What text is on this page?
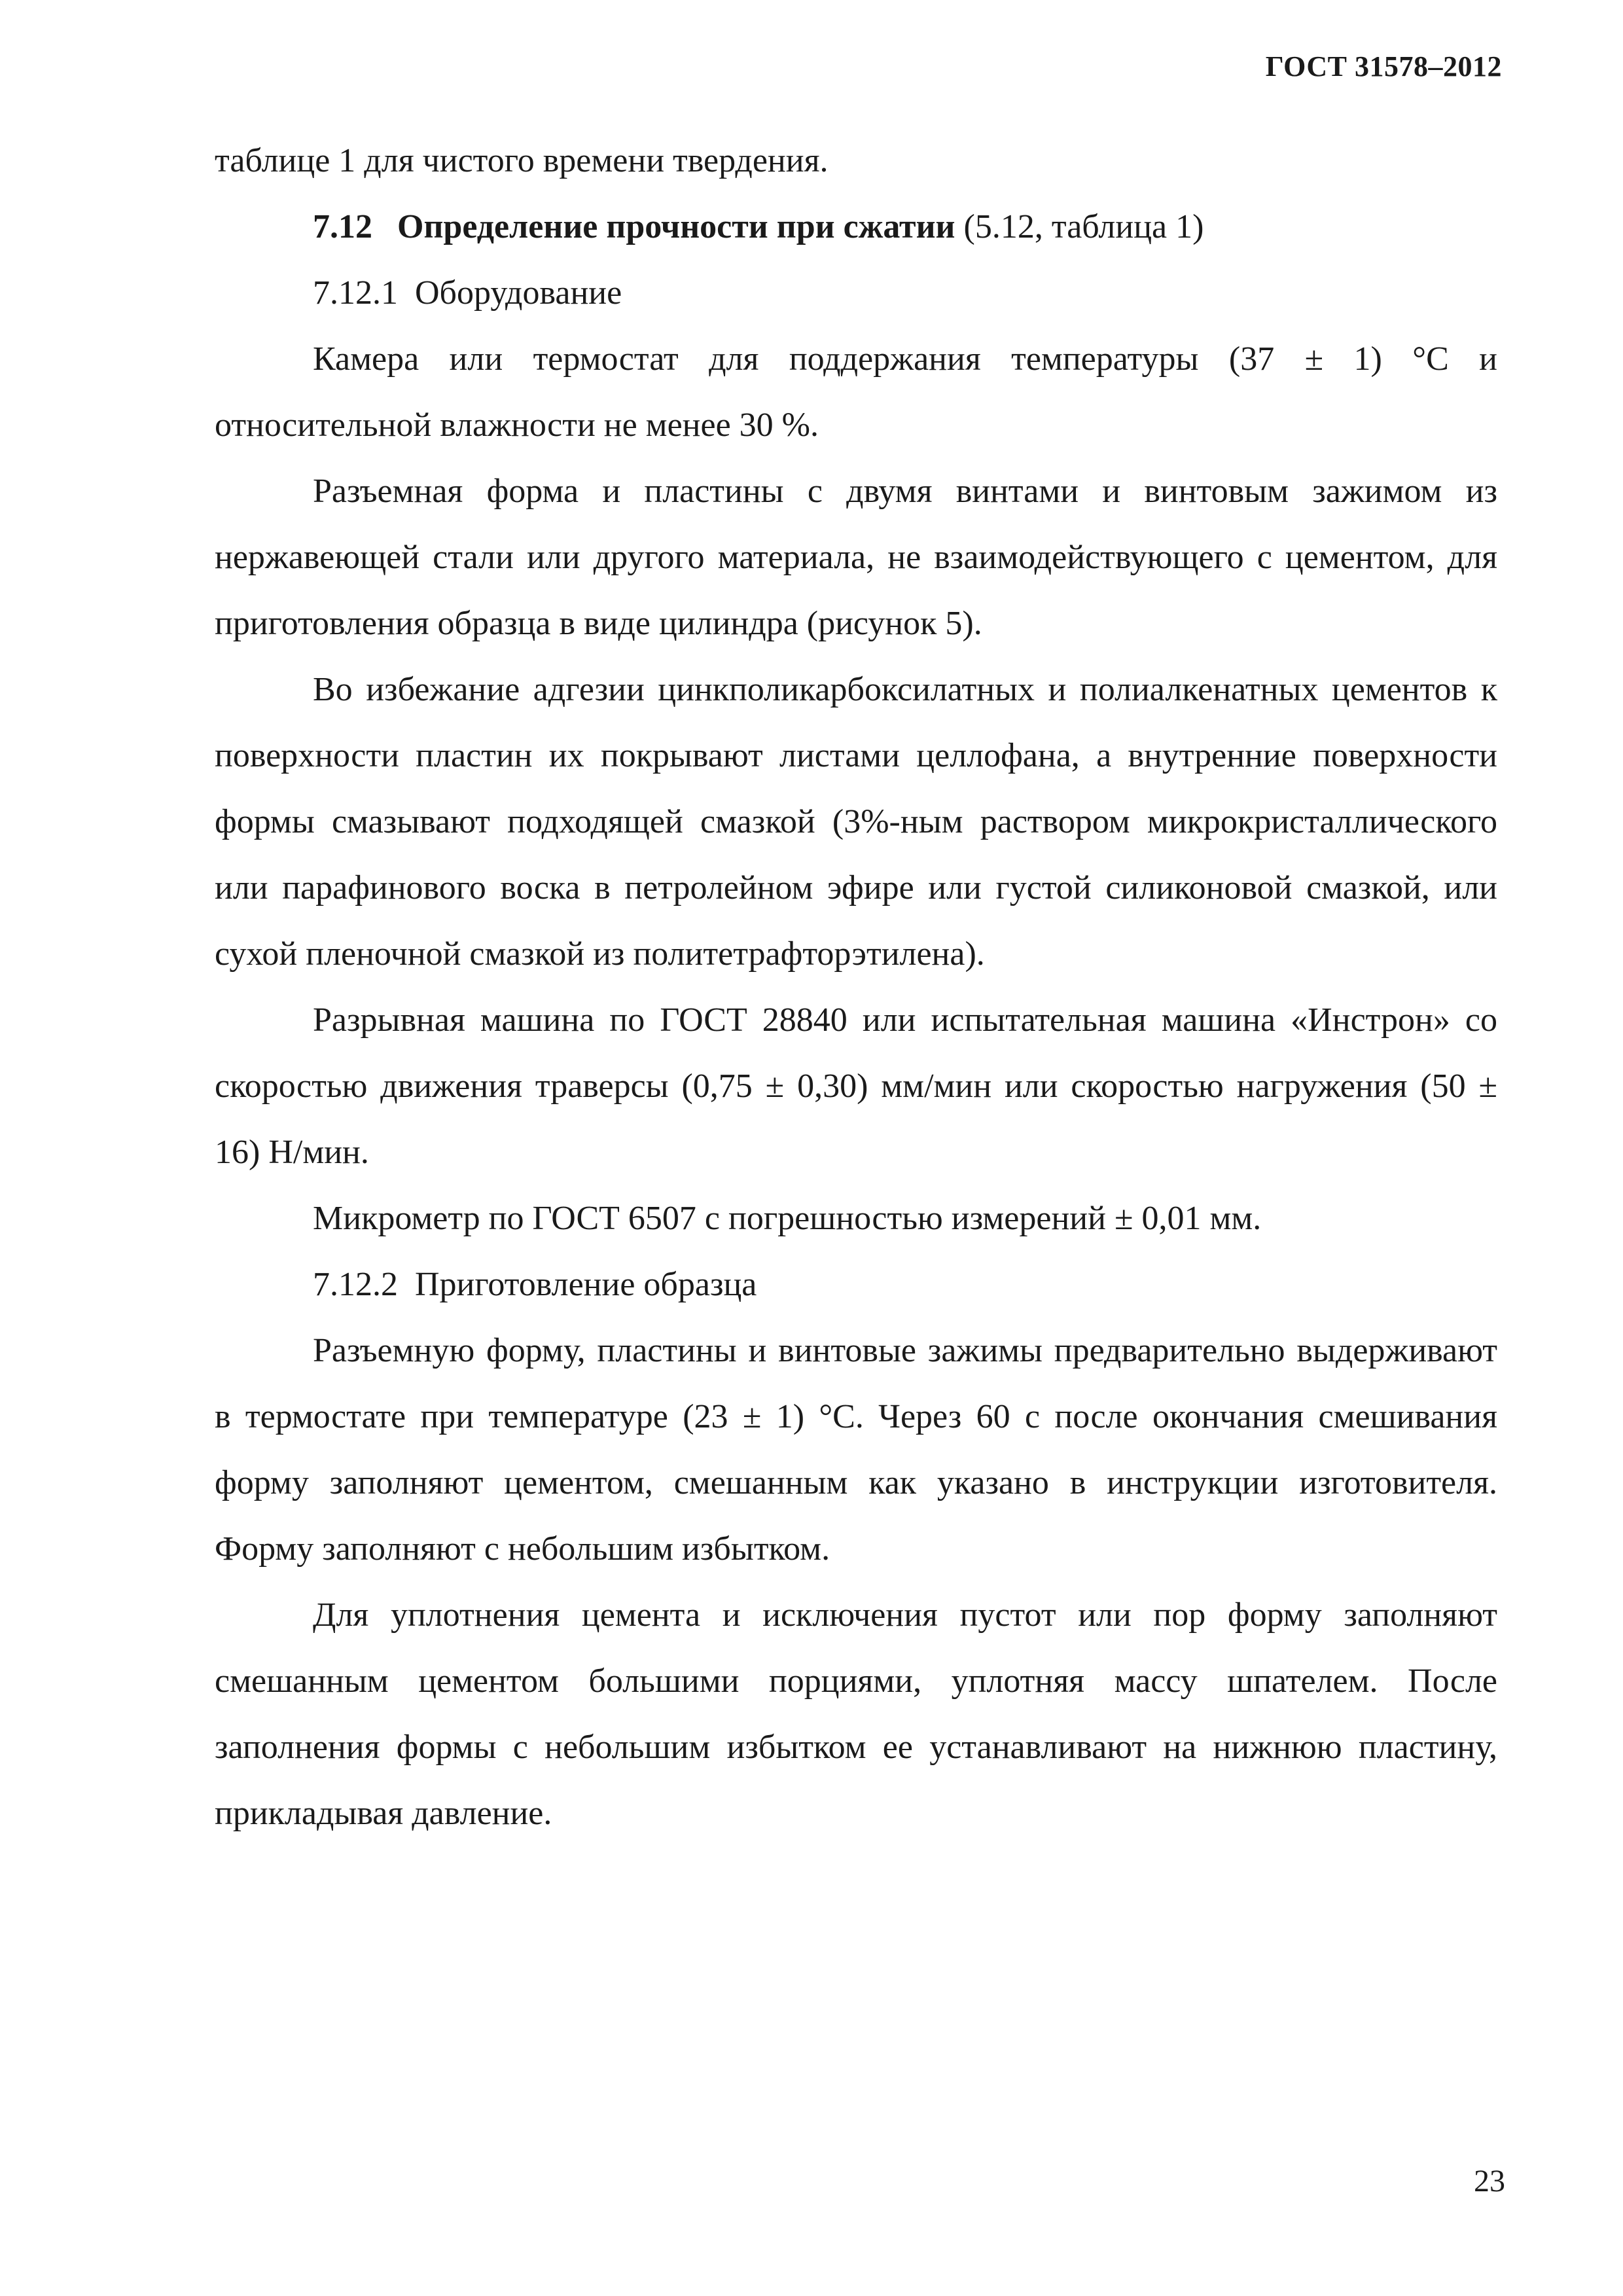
ГОСТ 31578–2012

таблице 1 для чистого времени твердения.

7.12 Определение прочности при сжатии (5.12, таблица 1)

7.12.1 Оборудование

Камера или термостат для поддержания температуры (37 ± 1) °С и относительной влажности не менее 30 %.

Разъемная форма и пластины с двумя винтами и винтовым зажимом из нержавеющей стали или другого материала, не взаимодействующего с цементом, для приготовления образца в виде цилиндра (рисунок 5).

Во избежание адгезии цинкполикарбоксилатных и полиалкенатных цементов к поверхности пластин их покрывают листами целлофана, а внутренние поверхности формы смазывают подходящей смазкой (3%-ным раствором микрокристаллического или парафинового воска в петролейном эфире или густой силиконовой смазкой, или сухой пленочной смазкой из политетрафторэтилена).

Разрывная машина по ГОСТ 28840 или испытательная машина «Инстрон» со скоростью движения траверсы (0,75 ± 0,30) мм/мин или скоростью нагружения (50 ± 16) Н/мин.

Микрометр по ГОСТ 6507 с погрешностью измерений ± 0,01 мм.

7.12.2 Приготовление образца

Разъемную форму, пластины и винтовые зажимы предварительно выдерживают в термостате при температуре (23 ± 1) °С. Через 60 с после окончания смешивания форму заполняют цементом, смешанным как указано в инструкции изготовителя. Форму заполняют с небольшим избытком.

Для уплотнения цемента и исключения пустот или пор форму заполняют смешанным цементом большими порциями, уплотняя массу шпателем. После заполнения формы с небольшим избытком ее устанавливают на нижнюю пластину, прикладывая давление.

23
